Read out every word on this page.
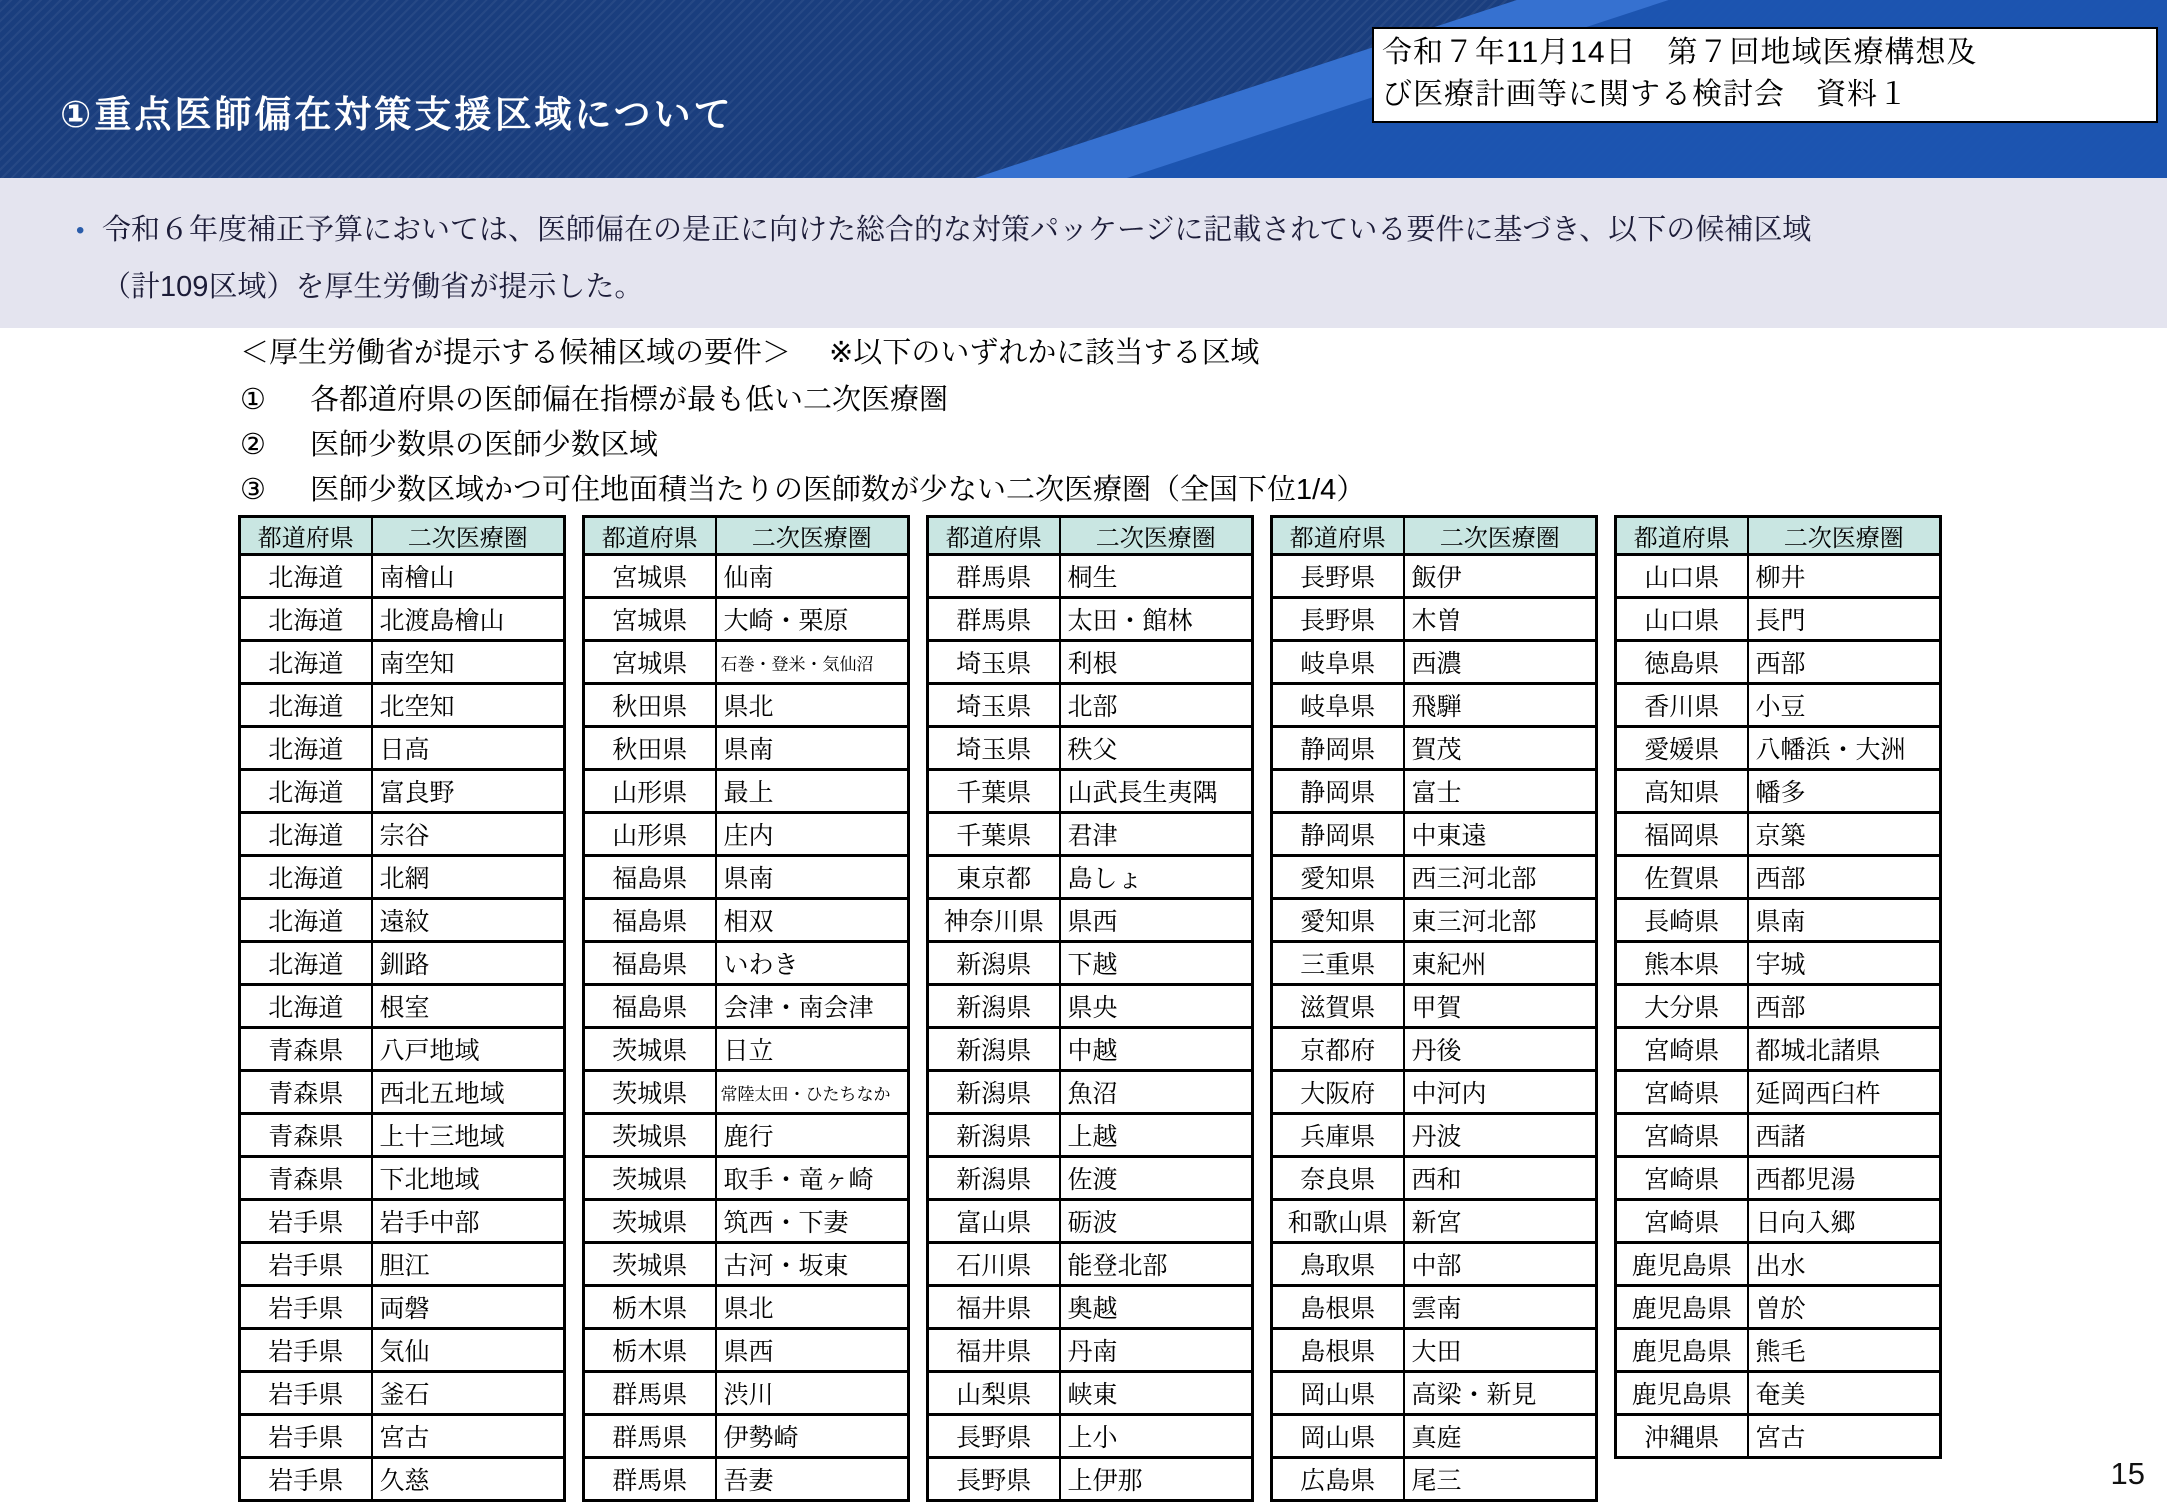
①重点医師偏在対策支援区域について
令和７年11月14日　第７回地域医療構想及
び医療計画等に関する検討会　資料１
• 令和６年度補正予算においては、医師偏在の是正に向けた総合的な対策パッケージに記載されている要件に基づき、以下の候補区域
（計109区域）を厚生労働省が提示した。
＜厚生労働省が提示する候補区域の要件＞ ※以下のいずれかに該当する区域
①	各都道府県の医師偏在指標が最も低い二次医療圏
②	医師少数県の医師少数区域
③	医師少数区域かつ可住地面積当たりの医師数が少ない二次医療圏（全国下位1/4）
都道府県	二次医療圏
北海道	南檜山
北海道	北渡島檜山
北海道	南空知
北海道	北空知
北海道	日高
北海道	富良野
北海道	宗谷
北海道	北網
北海道	遠紋
北海道	釧路
北海道	根室
青森県	八戸地域
青森県	西北五地域
青森県	上十三地域
青森県	下北地域
岩手県	岩手中部
岩手県	胆江
岩手県	両磐
岩手県	気仙
岩手県	釜石
岩手県	宮古
岩手県	久慈
都道府県	二次医療圏
宮城県	仙南
宮城県	大崎・栗原
宮城県	石巻・登米・気仙沼
秋田県	県北
秋田県	県南
山形県	最上
山形県	庄内
福島県	県南
福島県	相双
福島県	いわき
福島県	会津・南会津
茨城県	日立
茨城県	常陸太田・ひたちなか
茨城県	鹿行
茨城県	取手・竜ヶ崎
茨城県	筑西・下妻
茨城県	古河・坂東
栃木県	県北
栃木県	県西
群馬県	渋川
群馬県	伊勢崎
群馬県	吾妻
都道府県	二次医療圏
群馬県	桐生
群馬県	太田・館林
埼玉県	利根
埼玉県	北部
埼玉県	秩父
千葉県	山武長生夷隅
千葉県	君津
東京都	島しょ
神奈川県	県西
新潟県	下越
新潟県	県央
新潟県	中越
新潟県	魚沼
新潟県	上越
新潟県	佐渡
富山県	砺波
石川県	能登北部
福井県	奥越
福井県	丹南
山梨県	峡東
長野県	上小
長野県	上伊那
都道府県	二次医療圏
長野県	飯伊
長野県	木曽
岐阜県	西濃
岐阜県	飛騨
静岡県	賀茂
静岡県	富士
静岡県	中東遠
愛知県	西三河北部
愛知県	東三河北部
三重県	東紀州
滋賀県	甲賀
京都府	丹後
大阪府	中河内
兵庫県	丹波
奈良県	西和
和歌山県	新宮
鳥取県	中部
島根県	雲南
島根県	大田
岡山県	高梁・新見
岡山県	真庭
広島県	尾三
都道府県	二次医療圏
山口県	柳井
山口県	長門
徳島県	西部
香川県	小豆
愛媛県	八幡浜・大洲
高知県	幡多
福岡県	京築
佐賀県	西部
長崎県	県南
熊本県	宇城
大分県	西部
宮崎県	都城北諸県
宮崎県	延岡西臼杵
宮崎県	西諸
宮崎県	西都児湯
宮崎県	日向入郷
鹿児島県	出水
鹿児島県	曽於
鹿児島県	熊毛
鹿児島県	奄美
沖縄県	宮古
15
